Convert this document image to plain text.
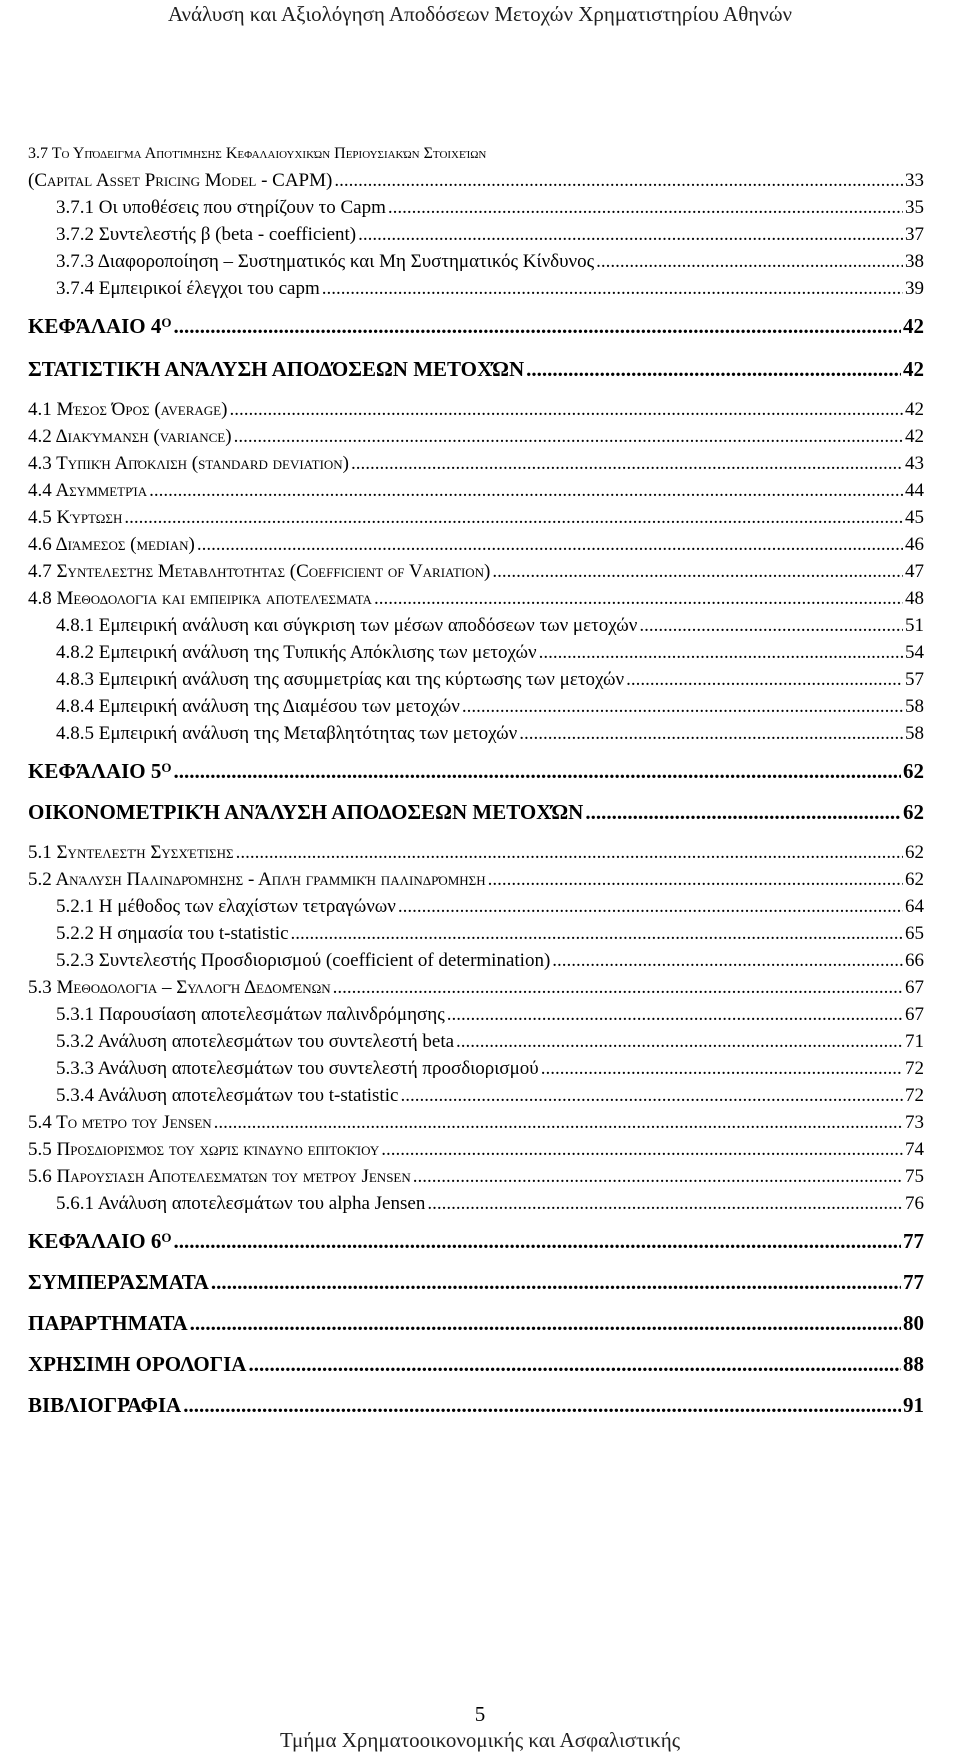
Ανάλυση και Αξιολόγηση Αποδόσεων Μετοχών Χρηματιστηρίου Αθηνών
3.7 Το Υπόδειγμα Αποτίμησης Κεφαλαιουχικών Περιουσιακών Στοιχείων
(Capital Asset Pricing Model - CAPM) .....	33
3.7.1 Οι υποθέσεις που στηρίζουν το Capm .....	35
3.7.2 Συντελεστής β (beta - coefficient) .....	37
3.7.3 Διαφοροποίηση – Συστηματικός και Μη Συστηματικός Κίνδυνος .....	38
3.7.4 Εμπειρικοί έλεγχοι του capm .....	39
ΚΕΦΆΛΑΙΟ $4^O$ .....	42
ΣΤΑΤΙΣΤΙΚΉ ΑΝΆΛΥΣΗ ΑΠΟΔΌΣΕΩΝ ΜΕΤΟΧΏΝ .....	42
4.1 Μέσος Όρος (average) .....	42
4.2 Διακύμανση (variance) .....	42
4.3 Τυπική Απόκλιση (standard deviation) .....	43
4.4 Ασυμμετρία .....	44
4.5 Κύρτωση .....	45
4.6 Διάμεσος (median) .....	46
4.7 Συντελεστής Μεταβλητότητας (Coefficient of Variation) .....	47
4.8 Μεθοδολογία και εμπειρικά αποτελέσματα .....	48
4.8.1 Εμπειρική ανάλυση και σύγκριση των μέσων αποδόσεων των μετοχών .....	51
4.8.2 Εμπειρική ανάλυση της Τυπικής Απόκλισης των μετοχών .....	54
4.8.3 Εμπειρική ανάλυση της ασυμμετρίας και της κύρτωσης των μετοχών .....	57
4.8.4 Εμπειρική ανάλυση της Διαμέσου των μετοχών .....	58
4.8.5 Εμπειρική ανάλυση της Μεταβλητότητας των μετοχών .....	58
ΚΕΦΆΛΑΙΟ $5^O$ .....	62
ΟΙΚΟΝΟΜΕΤΡΙΚΉ ΑΝΆΛΥΣΗ ΑΠΟΔΟΣΕΩΝ ΜΕΤΟΧΏΝ .....	62
5.1 Συντελεστή Συσχέτισης .....	62
5.2 Ανάλυση Παλινδρόμησης - Απλή γραμμική παλινδρόμηση .....	62
5.2.1 Η μέθοδος των ελαχίστων τετραγώνων .....	64
5.2.2 Η σημασία του t-statistic .....	65
5.2.3 Συντελεστής Προσδιορισμού (coefficient of determination) .....	66
5.3 Μεθοδολογία – Συλλογή Δεδομένων .....	67
5.3.1 Παρουσίαση αποτελεσμάτων παλινδρόμησης .....	67
5.3.2 Ανάλυση αποτελεσμάτων του συντελεστή beta .....	71
5.3.3 Ανάλυση αποτελεσμάτων του συντελεστή προσδιορισμού .....	72
5.3.4 Ανάλυση αποτελεσμάτων του t-statistic .....	72
5.4 Το μέτρο του Jensen .....	73
5.5 Προσδιορισμός του χωρίς κίνδυνο επιτοκίου .....	74
5.6 Παρουσίαση Αποτελεσμάτων του μέτρου Jensen .....	75
5.6.1 Ανάλυση αποτελεσμάτων του alpha Jensen .....	76
ΚΕΦΆΛΑΙΟ $6^O$ .....	77
ΣΥΜΠΕΡΆΣΜΑΤΑ .....	77
ΠΑΡΑΡΤΗΜΑΤΑ .....	80
ΧΡΗΣΙΜΗ ΟΡΟΛΟΓΙΑ .....	88
ΒΙΒΛΙΟΓΡΑΦΙΑ .....	91
5
Τμήμα Χρηματοοικονομικής και Ασφαλιστικής
